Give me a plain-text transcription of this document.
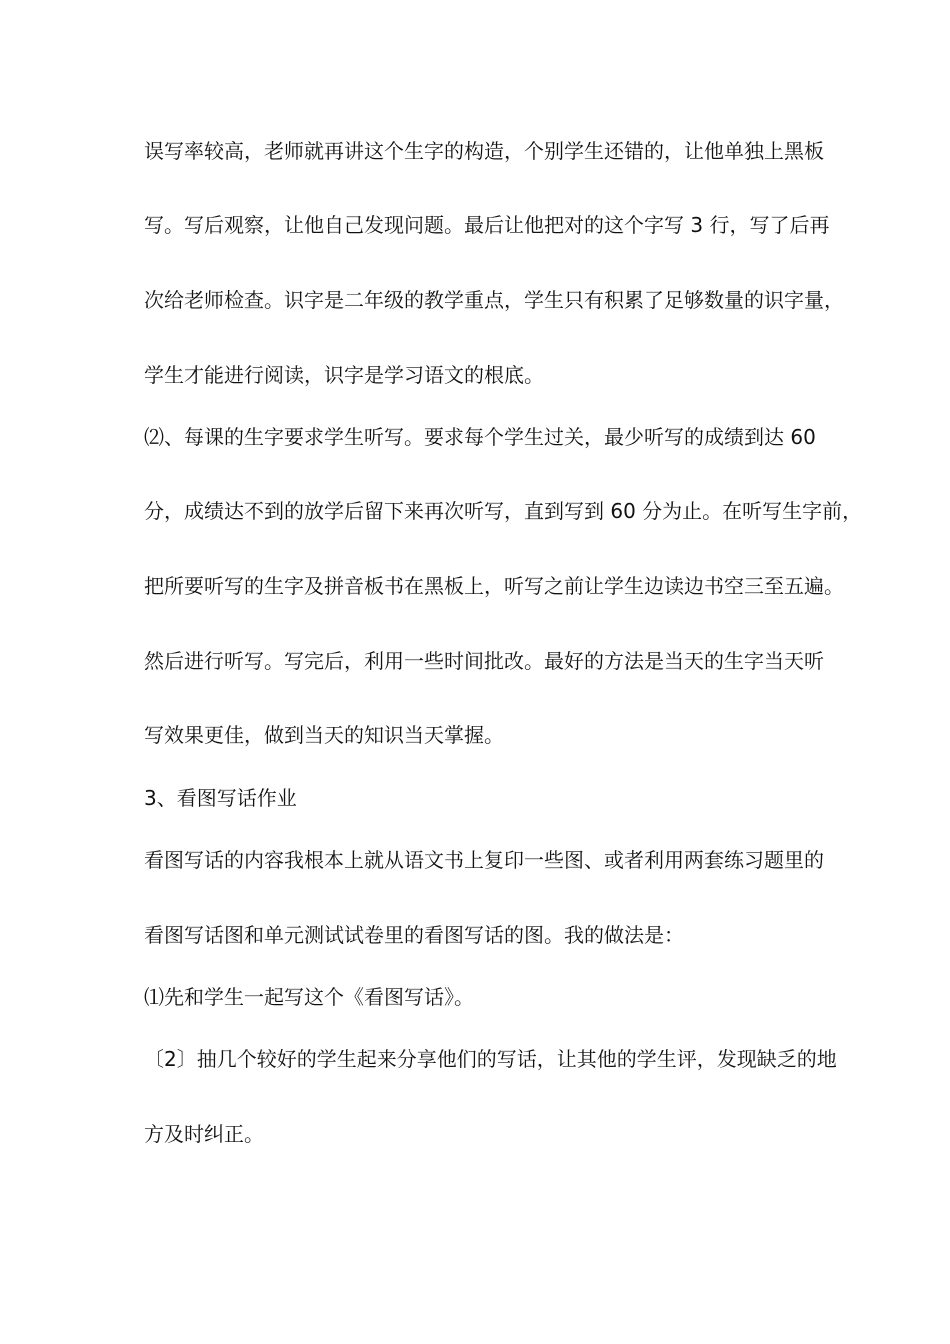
误写率较高，老师就再讲这个生字的构造，个别学生还错的，让他单独上黑板
写。写后观察，让他自己发现问题。最后让他把对的这个字写 3 行，写了后再
次给老师检查。识字是二年级的教学重点，学生只有积累了足够数量的识字量，
学生才能进行阅读，识字是学习语文的根底。
⑵、每课的生字要求学生听写。要求每个学生过关，最少听写的成绩到达 60
分，成绩达不到的放学后留下来再次听写，直到写到 60 分为止。在听写生字前，
把所要听写的生字及拼音板书在黑板上，听写之前让学生边读边书空三至五遍。
然后进行听写。写完后，利用一些时间批改。最好的方法是当天的生字当天听
写效果更佳，做到当天的知识当天掌握。
3、看图写话作业
看图写话的内容我根本上就从语文书上复印一些图、或者利用两套练习题里的
看图写话图和单元测试试卷里的看图写话的图。我的做法是：
⑴先和学生一起写这个《看图写话》。
〔2〕抽几个较好的学生起来分享他们的写话，让其他的学生评，发现缺乏的地
方及时纠正。
